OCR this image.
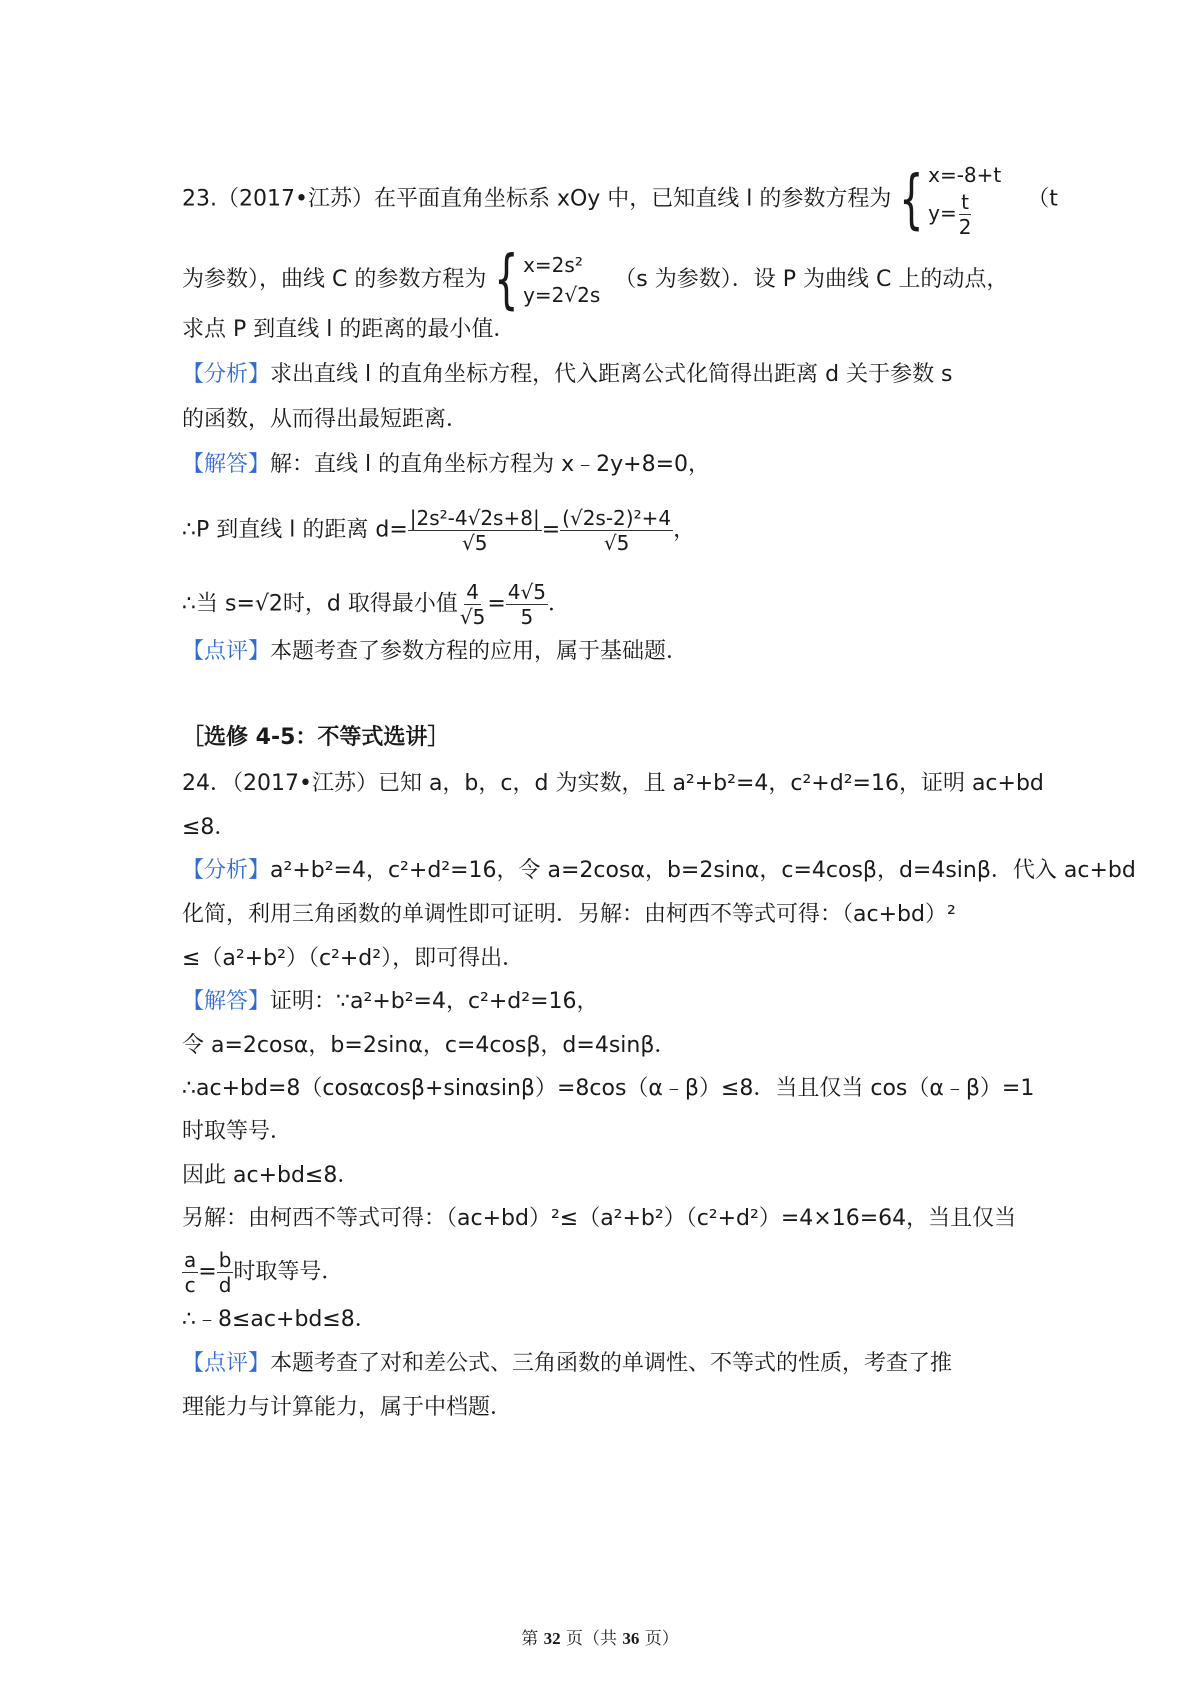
23.（2017•江苏）在平面直角坐标系 xOy 中，已知直线 l 的参数方程为 { x=-8+t
$y= \frac{t}{2} (t$
为参数），曲线 C 的参数方程为 { x=2s²
y=2√2s
（s 为参数）．设 P 为曲线 C 上的动点，
求点 P 到直线 l 的距离的最小值．
【分析】求出直线 l 的直角坐标方程，代入距离公式化简得出距离 d 关于参数 s
的函数，从而得出最短距离．
【解答】解：直线 l 的直角坐标方程为 x﹣2y+8=0，
∴P 到直线 l 的距离 $d= \frac{\text{|2s²-4√2s+8|}}{√5} = \frac{\text{(√2s-2)²+4}}{√5}$ ，
∴当 s=√2时，d 取得最小值 $\frac{4}{√5} = \frac{4√5}{5}$ ．
【点评】本题考查了参数方程的应用，属于基础题．
［选修 4-5：不等式选讲］
24．（2017•江苏）已知 a，b，c，d 为实数，且 a²+b²=4，c²+d²=16，证明 ac+bd
≤8．
【分析】a²+b²=4，c²+d²=16，令 a=2cosα，b=2sinα，c=4cosβ，d=4sinβ．代入 ac+bd
化简，利用三角函数的单调性即可证明．另解：由柯西不等式可得：（ac+bd）²
≤（a²+b²）（c²+d²），即可得出．
【解答】证明：∵a²+b²=4，c²+d²=16，
令 a=2cosα，b=2sinα，c=4cosβ，d=4sinβ．
∴ac+bd=8（cosαcosβ+sinαsinβ）=8cos（α﹣β）≤8．当且仅当 cos（α﹣β）=1
时取等号．
因此 ac+bd≤8．
另解：由柯西不等式可得：（ac+bd）²≤（a²+b²）（c²+d²）=4×16=64，当且仅当
$\frac{a}{c} = \frac{b}{d}$ 时取等号．
∴﹣8≤ac+bd≤8．
【点评】本题考查了对和差公式、三角函数的单调性、不等式的性质，考查了推
理能力与计算能力，属于中档题．
第 32 页（共 36 页）
